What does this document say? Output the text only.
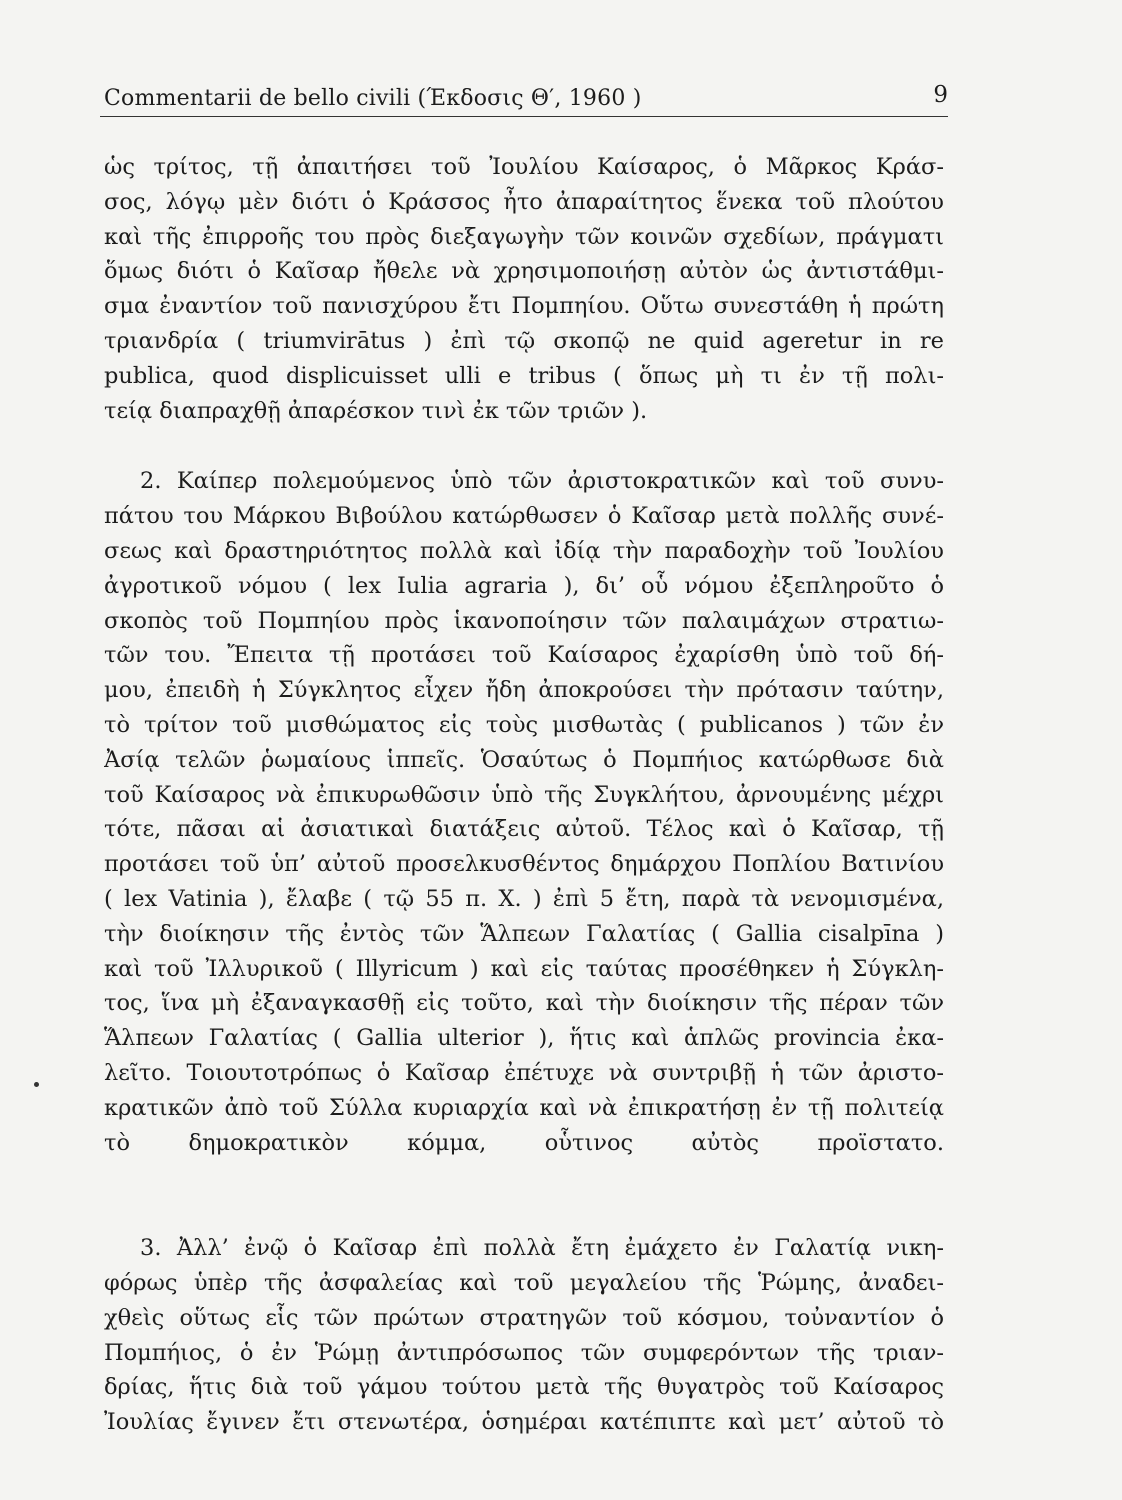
Commentarii de bello civili (Έκδοσις Θ′, 1960 )	9
ὡς τρίτος, τῇ ἀπαιτήσει τοῦ Ἰουλίου Καίσαρος, ὁ Μᾶρκος Κράσ-
σος, λόγῳ μὲν διότι ὁ Κράσσος ἦτο ἀπαραίτητος ἕνεκα τοῦ πλούτου
καὶ τῆς ἐπιρροῆς του πρὸς διεξαγωγὴν τῶν κοινῶν σχεδίων, πράγματι
ὅμως διότι ὁ Καῖσαρ ἤθελε νὰ χρησιμοποιήσῃ αὐτὸν ὡς ἀντιστάθμι-
σμα ἐναντίον τοῦ πανισχύρου ἔτι Πομπηίου. Οὕτω συνεστάθη ἡ πρώτη
τριανδρία ( triumvirātus ) ἐπὶ τῷ σκοπῷ ne quid ageretur in re
publica, quod displicuisset ulli e tribus ( ὅπως μὴ τι ἐν τῇ πολι-
τείᾳ διαπραχθῇ ἀπαρέσκον τινὶ ἐκ τῶν τριῶν ).
2. Καίπερ πολεμούμενος ὑπὸ τῶν ἀριστοκρατικῶν καὶ τοῦ συνυ-
πάτου του Μάρκου Βιβούλου κατώρθωσεν ὁ Καῖσαρ μετὰ πολλῆς συνέ-
σεως καὶ δραστηριότητος πολλὰ καὶ ἰδίᾳ τὴν παραδοχὴν τοῦ Ἰουλίου
ἀγροτικοῦ νόμου ( lex Iulia agraria ), δι’ οὗ νόμου ἐξεπληροῦτο ὁ
σκοπὸς τοῦ Πομπηίου πρὸς ἱκανοποίησιν τῶν παλαιμάχων στρατιω-
τῶν του. Ἔπειτα τῇ προτάσει τοῦ Καίσαρος ἐχαρίσθη ὑπὸ τοῦ δή-
μου, ἐπειδὴ ἡ Σύγκλητος εἶχεν ἤδη ἀποκρούσει τὴν πρότασιν ταύτην,
τὸ τρίτον τοῦ μισθώματος εἰς τοὺς μισθωτὰς ( publicanos ) τῶν ἐν
Ἀσίᾳ τελῶν ῥωμαίους ἱππεῖς. Ὁσαύτως ὁ Πομπήιος κατώρθωσε διὰ
τοῦ Καίσαρος νὰ ἐπικυρωθῶσιν ὑπὸ τῆς Συγκλήτου, ἀρνουμένης μέχρι
τότε, πᾶσαι αἱ ἀσιατικαὶ διατάξεις αὐτοῦ. Τέλος καὶ ὁ Καῖσαρ, τῇ
προτάσει τοῦ ὑπ’ αὐτοῦ προσελκυσθέντος δημάρχου Ποπλίου Βατινίου
( lex Vatinia ), ἔλαβε ( τῷ 55 π. Χ. ) ἐπὶ 5 ἔτη, παρὰ τὰ νενομισμένα,
τὴν διοίκησιν τῆς ἐντὸς τῶν Ἅλπεων Γαλατίας ( Gallia cisalpīna )
καὶ τοῦ Ἰλλυρικοῦ ( Illyricum ) καὶ εἰς ταύτας προσέθηκεν ἡ Σύγκλη-
τος, ἵνα μὴ ἐξαναγκασθῇ εἰς τοῦτο, καὶ τὴν διοίκησιν τῆς πέραν τῶν
Ἅλπεων Γαλατίας ( Gallia ulterior ), ἥτις καὶ ἁπλῶς provincia ἐκα-
λεῖτο. Τοιουτοτρόπως ὁ Καῖσαρ ἐπέτυχε νὰ συντριβῇ ἡ τῶν ἀριστο-
κρατικῶν ἀπὸ τοῦ Σύλλα κυριαρχία καὶ νὰ ἐπικρατήσῃ ἐν τῇ πολιτείᾳ
τὸ δημοκρατικὸν κόμμα, οὗτινος αὐτὸς προϊστατο.
3. Ἀλλ’ ἐνῷ ὁ Καῖσαρ ἐπὶ πολλὰ ἔτη ἐμάχετο ἐν Γαλατίᾳ νικη-
φόρως ὑπὲρ τῆς ἀσφαλείας καὶ τοῦ μεγαλείου τῆς Ῥώμης, ἀναδει-
χθεὶς οὕτως εἷς τῶν πρώτων στρατηγῶν τοῦ κόσμου, τοὐναντίον ὁ
Πομπήιος, ὁ ἐν Ῥώμῃ ἀντιπρόσωπος τῶν συμφερόντων τῆς τριαν-
δρίας, ἥτις διὰ τοῦ γάμου τούτου μετὰ τῆς θυγατρὸς τοῦ Καίσαρος
Ἰουλίας ἔγινεν ἔτι στενωτέρα, ὁσημέραι κατέπιπτε καὶ μετ’ αὐτοῦ τὸ
